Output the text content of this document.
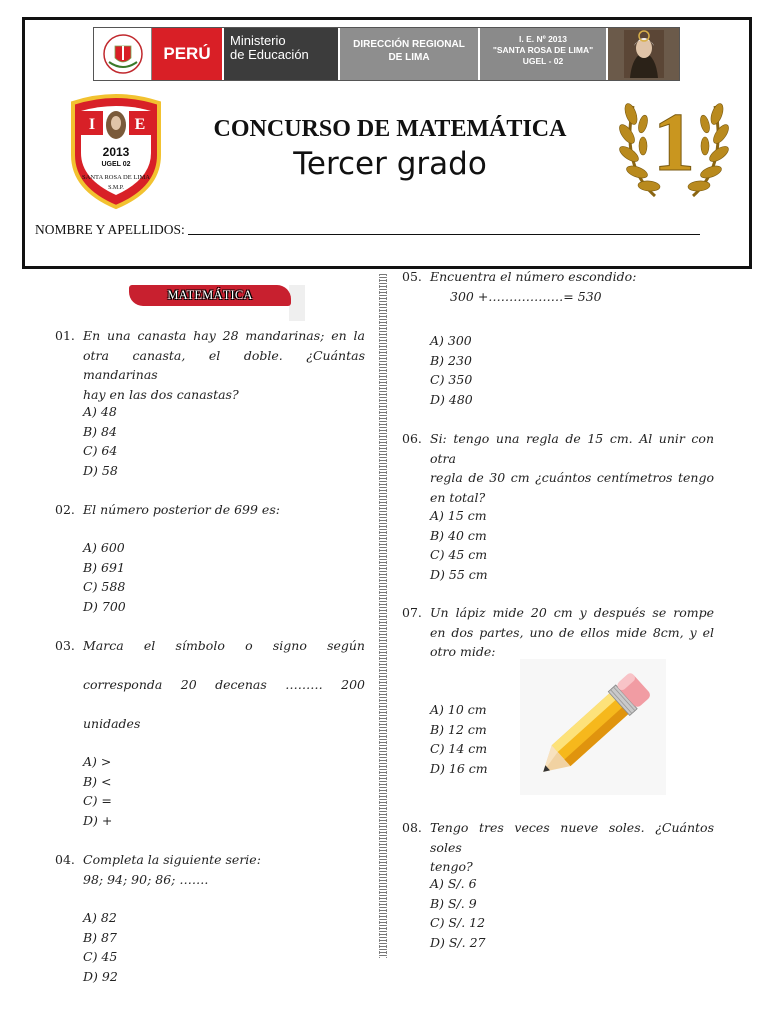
PERÚ
Ministerio
de Educación
DIRECCIÓN REGIONAL
DE LIMA
I. E. Nº 2013
"SANTA ROSA DE LIMA"
UGEL - 02
I E
2013
UGEL 02
SANTA ROSA DE LIMA
S.M.P.
CONCURSO DE MATEMÁTICA
Tercer grado	1
NOMBRE Y APELLIDOS:
MATEMÁTICA
01. En una canasta hay 28 mandarinas; en la
otra canasta, el doble. ¿Cuántas mandarinas
hay en las dos canastas?
A) 48
B) 84
C) 64
D) 58
02. El número posterior de 699 es:
A) 600
B) 691
C) 588
D) 700
03. Marca el símbolo o signo según
corresponda 20 decenas ……… 200
unidades
A) >
B) <
C) =
D) +
04. Completa la siguiente serie:
98; 94; 90; 86; …….
A) 82
B) 87
C) 45
D) 92
05. Encuentra el número escondido:
300 +………………= 530
A) 300
B) 230
C) 350
D) 480
06. Si: tengo una regla de 15 cm. Al unir con otra
regla de 30 cm ¿cuántos centímetros tengo
en total?
A) 15 cm
B) 40 cm
C) 45 cm
D) 55 cm
07. Un lápiz mide 20 cm y después se rompe
en dos partes, uno de ellos mide 8cm, y el
otro mide:
A) 10 cm
B) 12 cm
C) 14 cm
D) 16 cm
08. Tengo tres veces nueve soles. ¿Cuántos soles
tengo?
A) S/. 6
B) S/. 9
C) S/. 12
D) S/. 27
